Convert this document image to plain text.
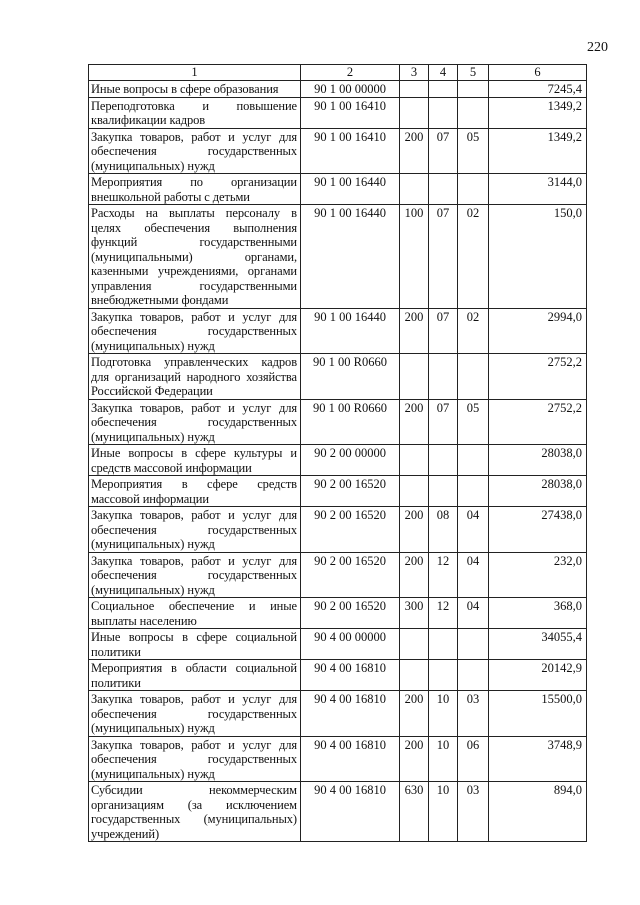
220
1	2	3	4	5	6
Иные вопросы в сфере образования	90 1 00 00000				7245,4
Переподготовка и повышение квалификации кадров	90 1 00 16410				1349,2
Закупка товаров, работ и услуг для обеспечения государственных (муниципальных) нужд	90 1 00 16410	200	07	05	1349,2
Мероприятия по организации внешкольной работы с детьми	90 1 00 16440				3144,0
Расходы на выплаты персоналу в целях обеспечения выполнения функций государственными (муниципальными) органами, казенными учреждениями, органами управления государственными внебюджетными фондами	90 1 00 16440	100	07	02	150,0
Закупка товаров, работ и услуг для обеспечения государственных (муниципальных) нужд	90 1 00 16440	200	07	02	2994,0
Подготовка управленческих кадров для организаций народного хозяйства Российской Федерации	90 1 00 R0660				2752,2
Закупка товаров, работ и услуг для обеспечения государственных (муниципальных) нужд	90 1 00 R0660	200	07	05	2752,2
Иные вопросы в сфере культуры и средств массовой информации	90 2 00 00000				28038,0
Мероприятия в сфере средств массовой информации	90 2 00 16520				28038,0
Закупка товаров, работ и услуг для обеспечения государственных (муниципальных) нужд	90 2 00 16520	200	08	04	27438,0
Закупка товаров, работ и услуг для обеспечения государственных (муниципальных) нужд	90 2 00 16520	200	12	04	232,0
Социальное обеспечение и иные выплаты населению	90 2 00 16520	300	12	04	368,0
Иные вопросы в сфере социальной политики	90 4 00 00000				34055,4
Мероприятия в области социальной политики	90 4 00 16810				20142,9
Закупка товаров, работ и услуг для обеспечения государственных (муниципальных) нужд	90 4 00 16810	200	10	03	15500,0
Закупка товаров, работ и услуг для обеспечения государственных (муниципальных) нужд	90 4 00 16810	200	10	06	3748,9
Субсидии некоммерческим организациям (за исключением государственных (муниципальных) учреждений)	90 4 00 16810	630	10	03	894,0
